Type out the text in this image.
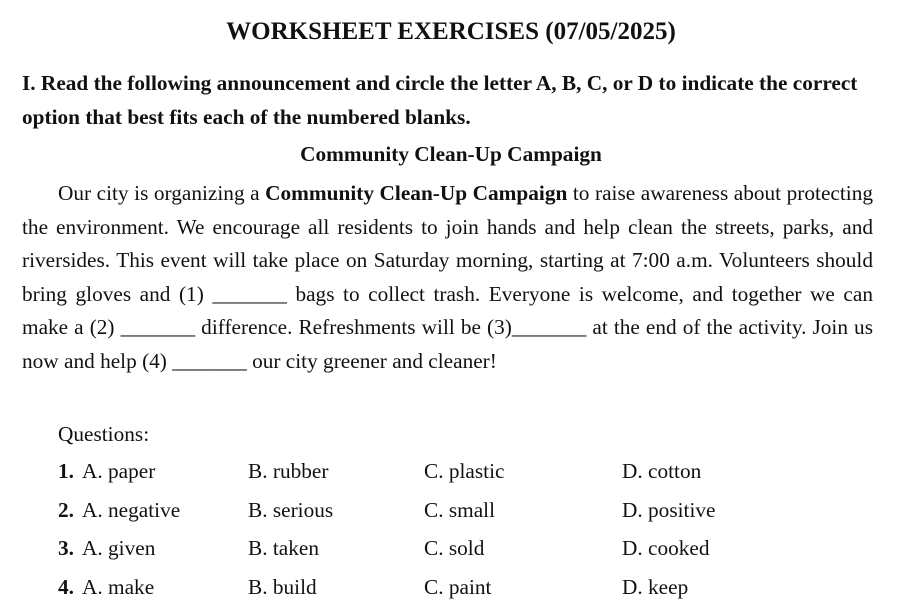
WORKSHEET EXERCISES (07/05/2025)

I. Read the following announcement and circle the letter A, B, C, or D to indicate the correct option that best fits each of the numbered blanks.

Community Clean-Up Campaign

Our city is organizing a Community Clean-Up Campaign to raise awareness about protecting the environment. We encourage all residents to join hands and help clean the streets, parks, and riversides. This event will take place on Saturday morning, starting at 7:00 a.m. Volunteers should bring gloves and (1) _______ bags to collect trash. Everyone is welcome, and together we can make a (2) _______ difference. Refreshments will be (3)_______ at the end of the activity. Join us now and help (4) _______ our city greener and cleaner!

Questions:
1. A. paper	B. rubber	C. plastic	D. cotton
2. A. negative	B. serious	C. small	D. positive
3. A. given	B. taken	C. sold	D. cooked
4. A. make	B. build	C. paint	D. keep
